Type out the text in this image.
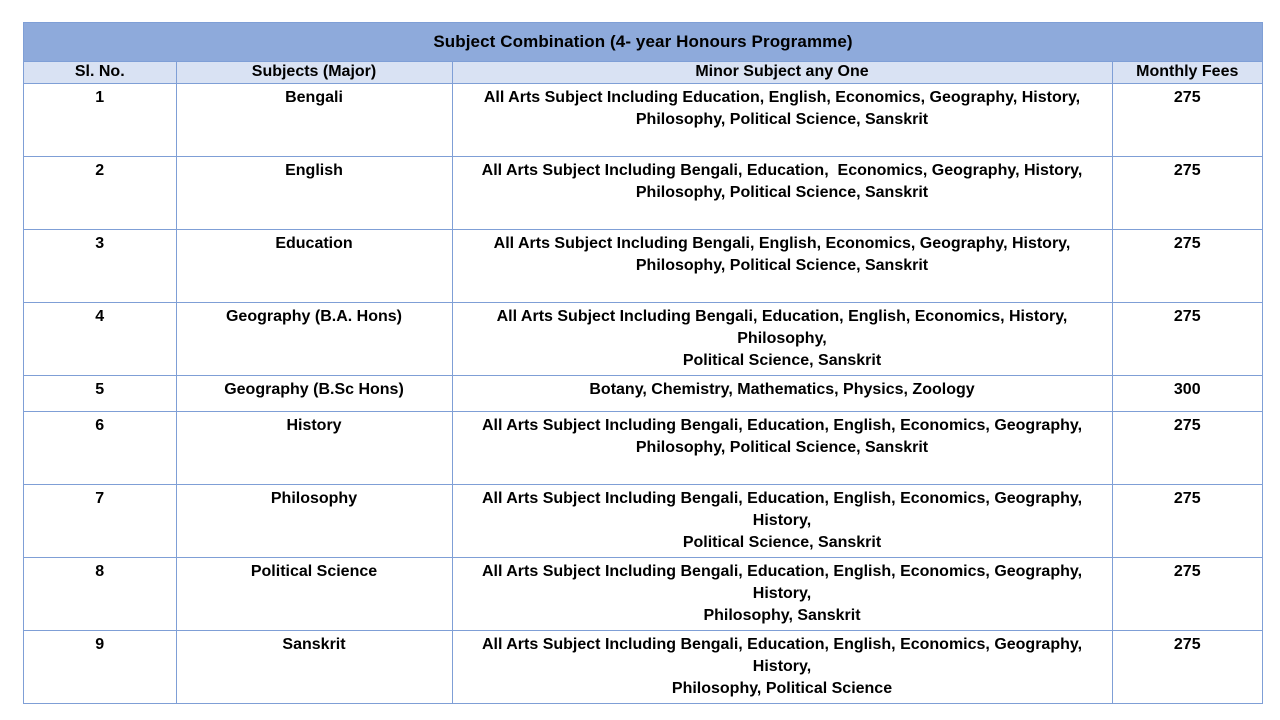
Subject Combination (4- year Honours Programme)
Sl. No.	Subjects (Major)	Minor Subject any One	Monthly Fees
1	Bengali	All Arts Subject Including Education, English, Economics, Geography, History,
Philosophy, Political Science, Sanskrit	275
2	English	All Arts Subject Including Bengali, Education,  Economics, Geography, History,
Philosophy, Political Science, Sanskrit	275
3	Education	All Arts Subject Including Bengali, English, Economics, Geography, History,
Philosophy, Political Science, Sanskrit	275
4	Geography (B.A. Hons)	All Arts Subject Including Bengali, Education, English, Economics, History, Philosophy,
Political Science, Sanskrit	275
5	Geography (B.Sc Hons)	Botany, Chemistry, Mathematics, Physics, Zoology	300
6	History	All Arts Subject Including Bengali, Education, English, Economics, Geography,
Philosophy, Political Science, Sanskrit	275
7	Philosophy	All Arts Subject Including Bengali, Education, English, Economics, Geography, History,
Political Science, Sanskrit	275
8	Political Science	All Arts Subject Including Bengali, Education, English, Economics, Geography, History,
Philosophy, Sanskrit	275
9	Sanskrit	All Arts Subject Including Bengali, Education, English, Economics, Geography, History,
Philosophy, Political Science	275
